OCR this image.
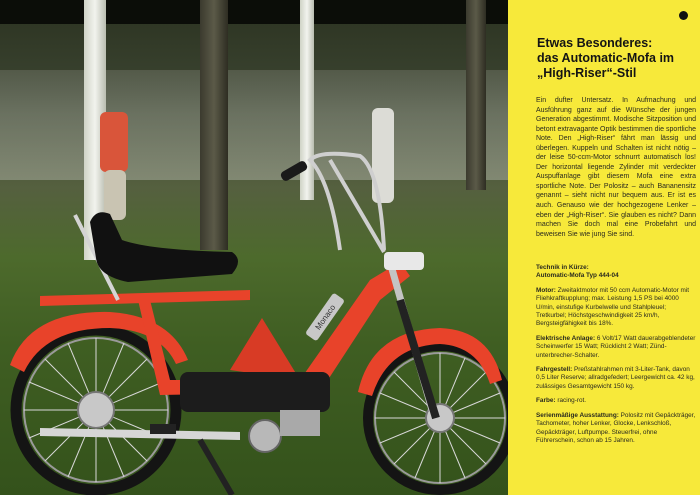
Monaco
Etwas Besonderes:
das Automatic-Mofa im
„High-Riser“-Stil
Ein dufter Untersatz. In Aufmachung und Ausführung ganz auf die Wünsche der jungen Generation abgestimmt. Modische Sitzposition und betont extravagante Optik bestimmen die sportliche Note. Den „High-Riser“ fährt man lässig und überlegen. Kuppeln und Schalten ist nicht nötig – der leise 50-ccm-Motor schnurrt automatisch los! Der horizontal liegende Zylinder mit verdeckter Auspuffanlage gibt diesem Mofa eine extra sportliche Note. Der Polositz – auch Bananensitz genannt – sieht nicht nur bequem aus. Er ist es auch. Genauso wie der hochgezogene Lenker – eben der „High-Riser“. Sie glauben es nicht? Dann machen Sie doch mal eine Probefahrt und beweisen Sie wie jung Sie sind.
Technik in Kürze:
Automatic-Mofa Typ 444-04
Motor: Zweitaktmotor mit 50 ccm Automatic-Motor mit Fliehkraftkupplung; max. Leistung 1,5 PS bei 4000 U/min, einstufige Kurbelwelle und Stahlpleuel; Tretkurbel; Höchstgeschwindigkeit 25 km/h, Bergsteigfähigkeit bis 18%.
Elektrische Anlage: 6 Volt/17 Watt dauerabgeblendeter Scheinwerfer 15 Watt; Rücklicht 2 Watt; Zünd-unterbrecher-Schalter.
Fahrgestell: Preßstahlrahmen mit 3-Liter-Tank, davon 0,5 Liter Reserve; allradgefedert; Leergewicht ca. 42 kg, zulässiges Gesamtgewicht 150 kg.
Farbe: racing-rot.
Serienmäßige Ausstattung: Polositz mit Gepäckträger, Tachometer, hoher Lenker, Glocke, Lenkschloß, Gepäckträger, Luftpumpe. Steuerfrei, ohne Führerschein, schon ab 15 Jahren.
